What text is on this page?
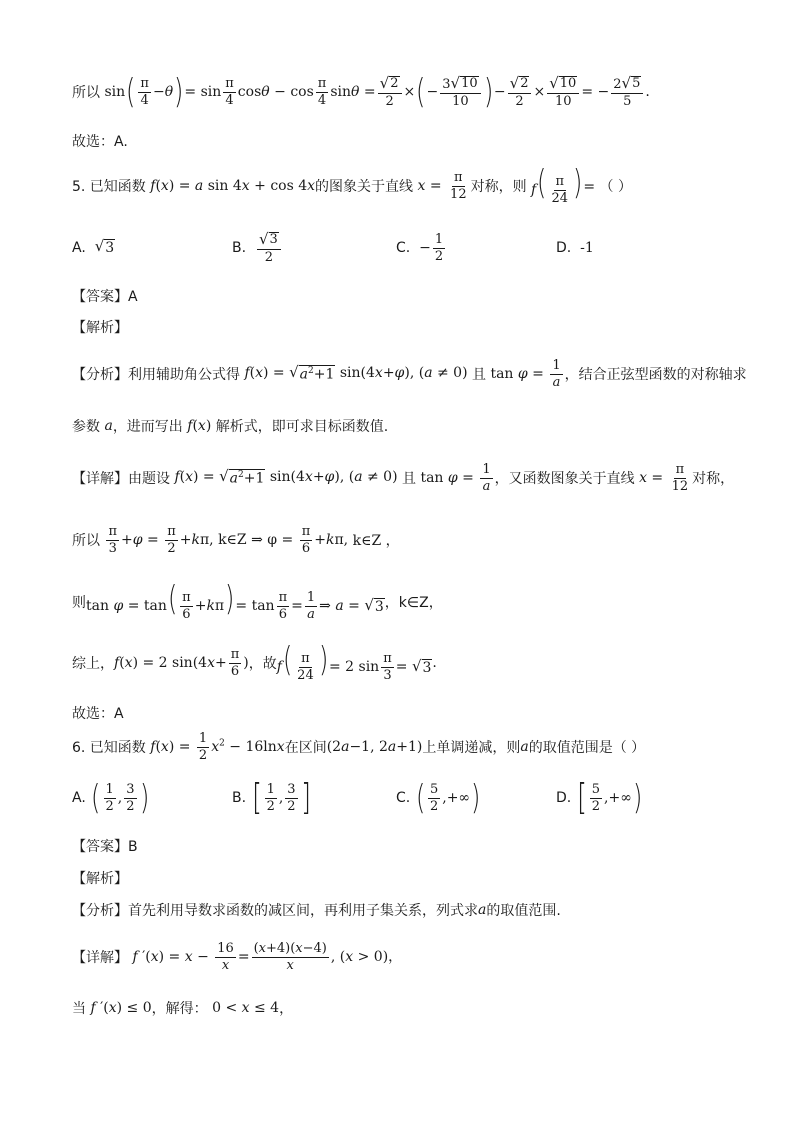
所以 sin ( $\frac{\pi}{4} - \theta$ ) = $\sin \frac{\pi}{4}$ $\cos \theta - \cos \frac{\pi}{4}$ $\sin \theta = \frac{√ 2}{2}$ × ( − $\frac{3 √ 10}{10}$ ) − $\frac{√ 2}{2} \times \frac{√ 10}{10}$ = − $\frac{2 √ 5}{5}$ .
故选：A.
5. 已知函数 f(x) = a sin 4x + cos 4x 的图象关于直线 $x = \frac{\pi}{12}$ 对称，则 $f( \frac{\pi}{24}$ ) = （ ）
A.
√ 3	B.
$\frac{√ 3}{2}$	C. − $\frac{1}{2}$	D.
-1
【答案】A
【解析】
【分析】 利用辅助角公式得 f(x) = √ $a^2+1$ sin(4x+φ), (a ≠ 0) 且 $\tan \varphi = \frac{1}{a}$ ，结合正弦型函数的对称轴求
参数
a ，进而写出
f ( x ) 解析式，即可求目标函数值.
【详解】 由题设 f(x) = √ $a^2+1$ sin(4x+φ), (a ≠ 0) 且 $\tan \varphi = \frac{1}{a}$ ，又函数图象关于直线 $x = \frac{\pi}{12}$ 对称，
所以
$\frac{\pi}{3} +\varphi = \frac{\pi}{2} +k\pi$, k∈Z ⇒ φ =
$\frac{\pi}{6} +k\pi$, k∈Z ，
则 $\tan \varphi = \tan( \frac{\pi}{6} +k\pi)= \tan \frac{\pi}{6} = \frac{1}{a}$ ⇒ a = √ 3 ，k∈Z，
综上， f(x) = 2 $\sin(4x+ \frac{\pi}{6}$ ) ，故 $f( \frac{\pi}{24}$ )= 2 $\sin \frac{\pi}{3}$ = √ 3 .
故选：A
6. 已知函数 $f(x) = \frac{1}{2} x^2 - 16\ln x$ 在区间 (2a−1, 2a+1) 上单调递减，则 a 的取值范围是（ ）
A.
( $\frac{1}{2}$ , $\frac{3}{2}$ )	B.
[ $\frac{1}{2}$ , $\frac{3}{2}$ ]	C.
( $\frac{5}{2}$ , +∞ )	D.
[ $\frac{5}{2}$ ,+∞ )
【答案】B
【解析】
【分析】 首先利用导数求函数的减区间，再利用子集关系，列式求 a 的取值范围.
【详解】 f $'(x) = x - \frac{16}{x} = \frac{(x+4)(x-4)}{x}$ , (x > 0)，
当 f ′(x) ≤ 0 ，解得： 0 < x ≤ 4 ，
